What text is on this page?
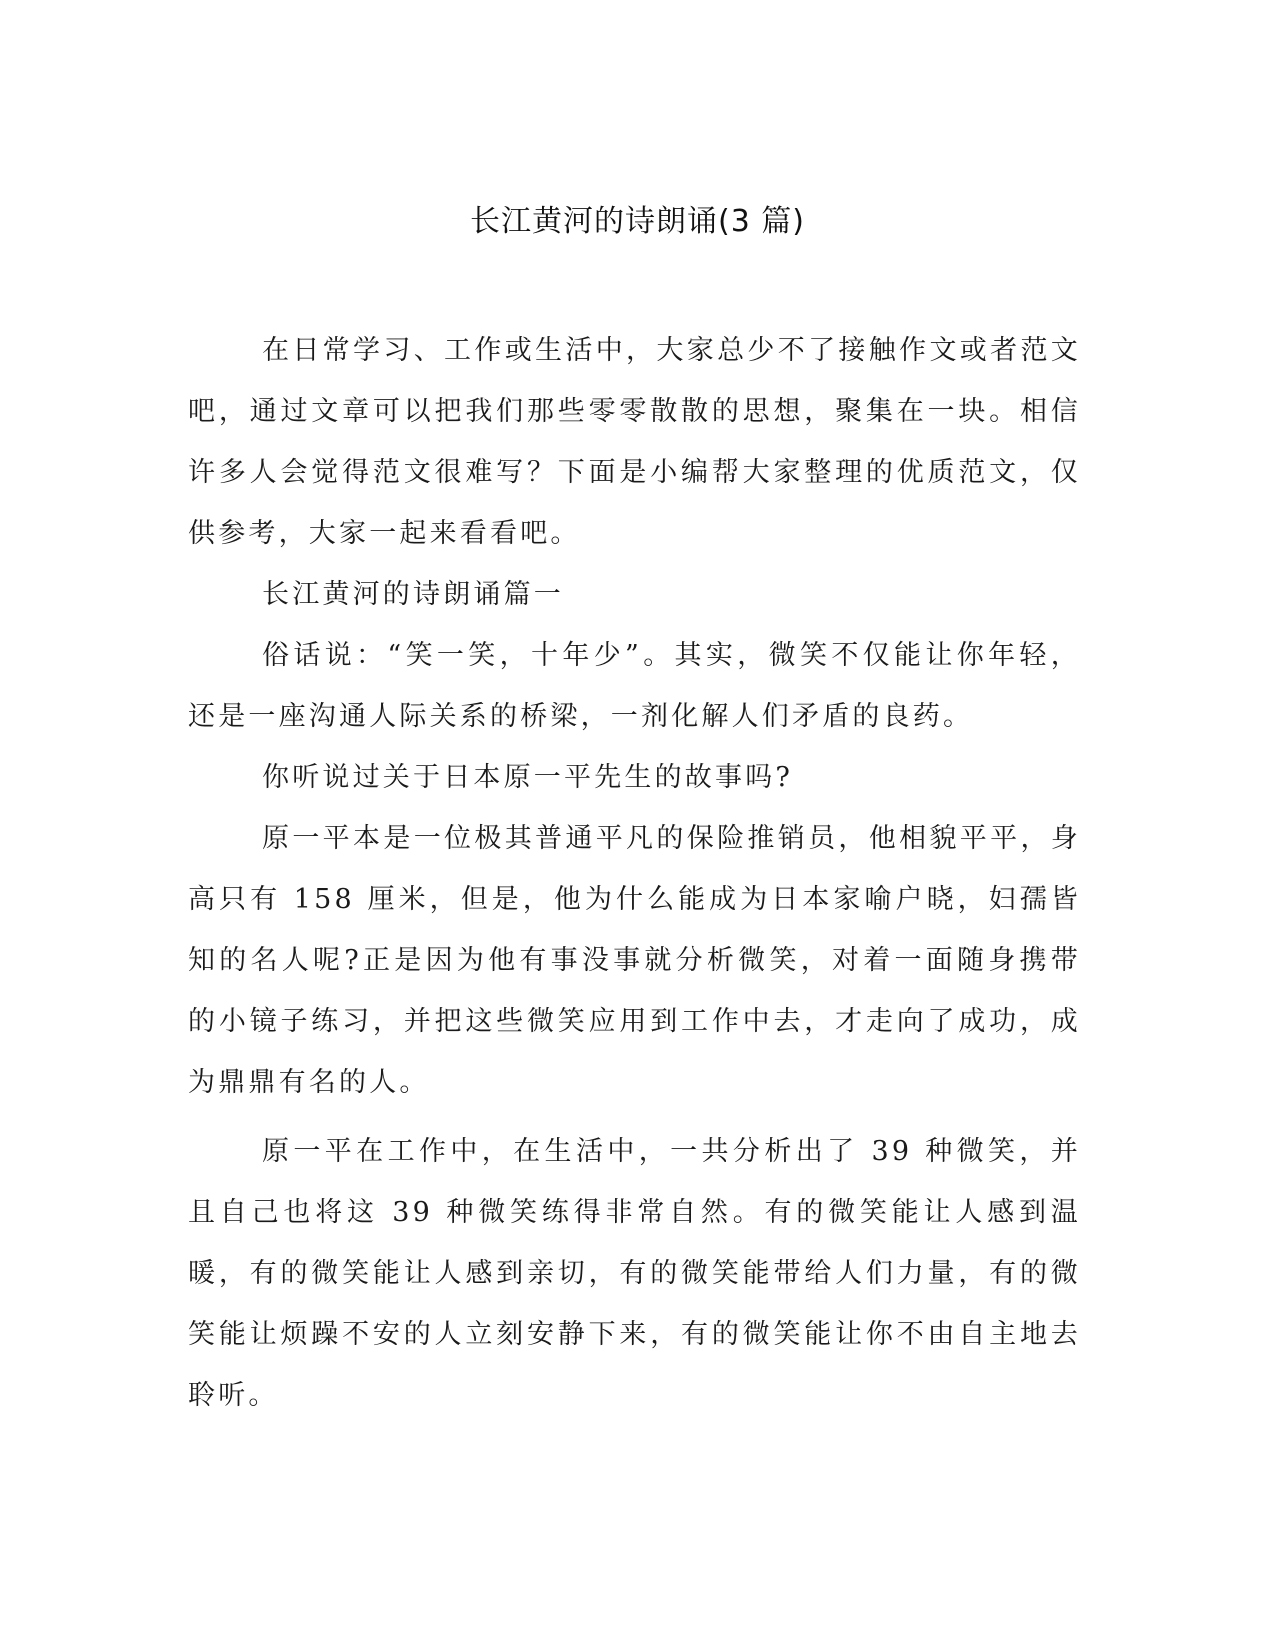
长江黄河的诗朗诵(3 篇)

在日常学习、工作或生活中，大家总少不了接触作文或者范文吧，通过文章可以把我们那些零零散散的思想，聚集在一块。相信许多人会觉得范文很难写？下面是小编帮大家整理的优质范文，仅供参考，大家一起来看看吧。

长江黄河的诗朗诵篇一

俗话说：“笑一笑，十年少”。其实，微笑不仅能让你年轻，还是一座沟通人际关系的桥梁，一剂化解人们矛盾的良药。

你听说过关于日本原一平先生的故事吗?

原一平本是一位极其普通平凡的保险推销员，他相貌平平，身高只有 158 厘米，但是，他为什么能成为日本家喻户晓，妇孺皆知的名人呢?正是因为他有事没事就分析微笑，对着一面随身携带的小镜子练习，并把这些微笑应用到工作中去，才走向了成功，成为鼎鼎有名的人。

原一平在工作中，在生活中，一共分析出了 39 种微笑，并且自己也将这 39 种微笑练得非常自然。有的微笑能让人感到温暖，有的微笑能让人感到亲切，有的微笑能带给人们力量，有的微笑能让烦躁不安的人立刻安静下来，有的微笑能让你不由自主地去聆听。
